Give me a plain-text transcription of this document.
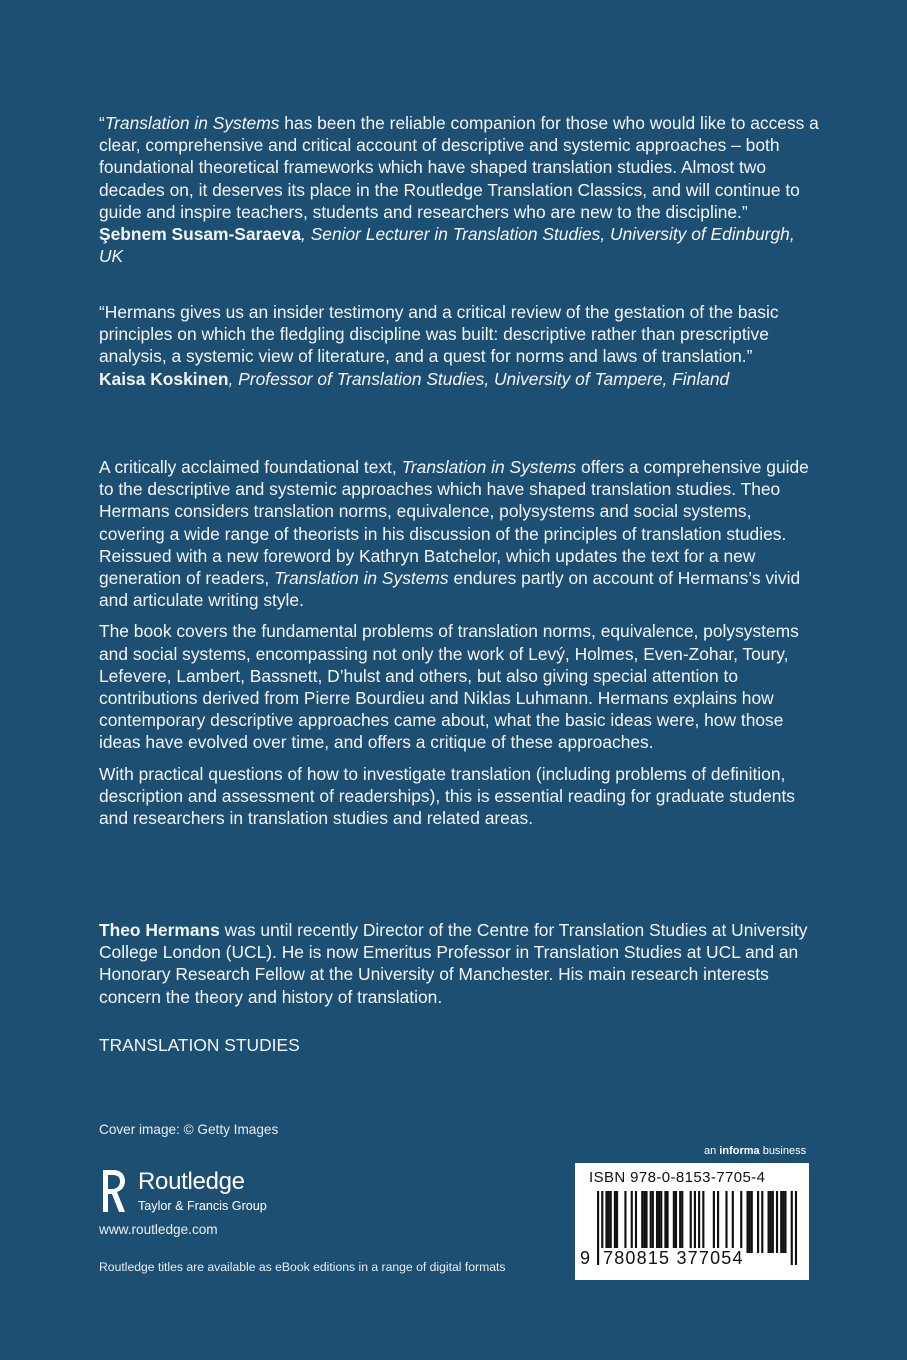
“Translation in Systems has been the reliable companion for those who would like to access a clear, comprehensive and critical account of descriptive and systemic approaches – both foundational theoretical frameworks which have shaped translation studies. Almost two decades on, it deserves its place in the Routledge Translation Classics, and will continue to guide and inspire teachers, students and researchers who are new to the discipline.”

Şebnem Susam-Saraeva, Senior Lecturer in Translation Studies, University of Edinburgh, UK

“Hermans gives us an insider testimony and a critical review of the gestation of the basic principles on which the fledgling discipline was built: descriptive rather than prescriptive analysis, a systemic view of literature, and a quest for norms and laws of translation.”

Kaisa Koskinen, Professor of Translation Studies, University of Tampere, Finland

A critically acclaimed foundational text, Translation in Systems offers a comprehensive guide to the descriptive and systemic approaches which have shaped translation studies. Theo Hermans considers translation norms, equivalence, polysystems and social systems, covering a wide range of theorists in his discussion of the principles of translation studies. Reissued with a new foreword by Kathryn Batchelor, which updates the text for a new generation of readers, Translation in Systems endures partly on account of Hermans’s vivid and articulate writing style.

The book covers the fundamental problems of translation norms, equivalence, polysystems and social systems, encompassing not only the work of Levý, Holmes, Even-Zohar, Toury, Lefevere, Lambert, Bassnett, D’hulst and others, but also giving special attention to contributions derived from Pierre Bourdieu and Niklas Luhmann. Hermans explains how contemporary descriptive approaches came about, what the basic ideas were, how those ideas have evolved over time, and offers a critique of these approaches.

With practical questions of how to investigate translation (including problems of definition, description and assessment of readerships), this is essential reading for graduate students and researchers in translation studies and related areas.

Theo Hermans was until recently Director of the Centre for Translation Studies at University College London (UCL). He is now Emeritus Professor in Translation Studies at UCL and an Honorary Research Fellow at the University of Manchester. His main research interests concern the theory and history of translation.

TRANSLATION STUDIES
Cover image: © Getty Images
ROUTLEDGE
Routledge
Taylor & Francis Group
www.routledge.com
Routledge titles are available as eBook editions in a range of digital formats
an informa business
ISBN 978-0-8153-7705-4
9 780815 377054
